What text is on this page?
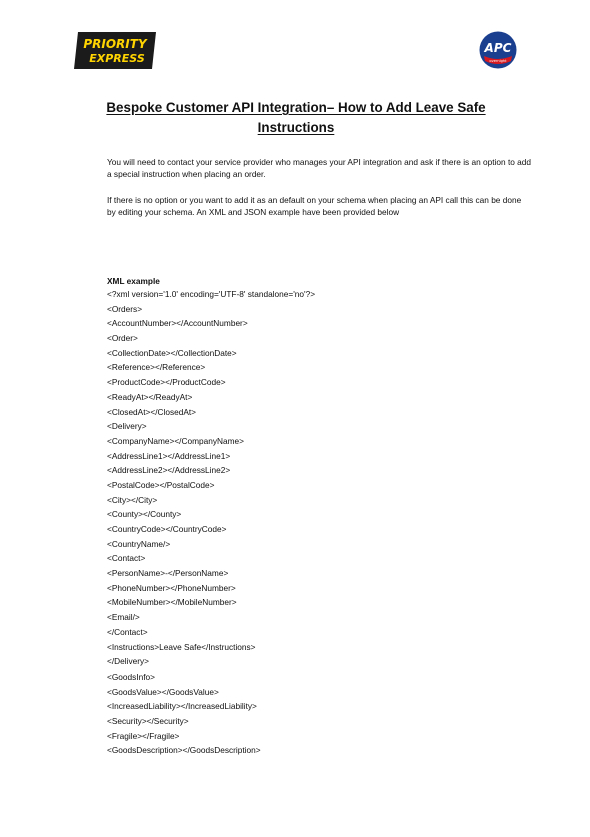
PRIORITY
EXPRESS
APC
overnight
Bespoke Customer API Integration– How to Add Leave Safe Instructions

You will need to contact your service provider who manages your API integration and ask if there is an option to add a special instruction when placing an order.

If there is no option or you want to add it as an default on your schema when placing an API call this can be done by editing your schema. An XML and JSON example have been provided below

XML example

<?xml version='1.0' encoding='UTF-8' standalone='no'?>
<Orders>
<AccountNumber></AccountNumber>
<Order>
<CollectionDate></CollectionDate>
<Reference></Reference>
<ProductCode></ProductCode>
<ReadyAt></ReadyAt>
<ClosedAt></ClosedAt>
<Delivery>
<CompanyName></CompanyName>
<AddressLine1></AddressLine1>
<AddressLine2></AddressLine2>
<PostalCode></PostalCode>
<City></City>
<County></County>
<CountryCode></CountryCode>
<CountryName/>
<Contact>
<PersonName>-</PersonName>
<PhoneNumber></PhoneNumber>
<MobileNumber></MobileNumber>
<Email/>
</Contact>
<Instructions>Leave Safe</Instructions>
</Delivery>
<GoodsInfo>
<GoodsValue></GoodsValue>
<IncreasedLiability></IncreasedLiability>
<Security></Security>
<Fragile></Fragile>
<GoodsDescription></GoodsDescription>
